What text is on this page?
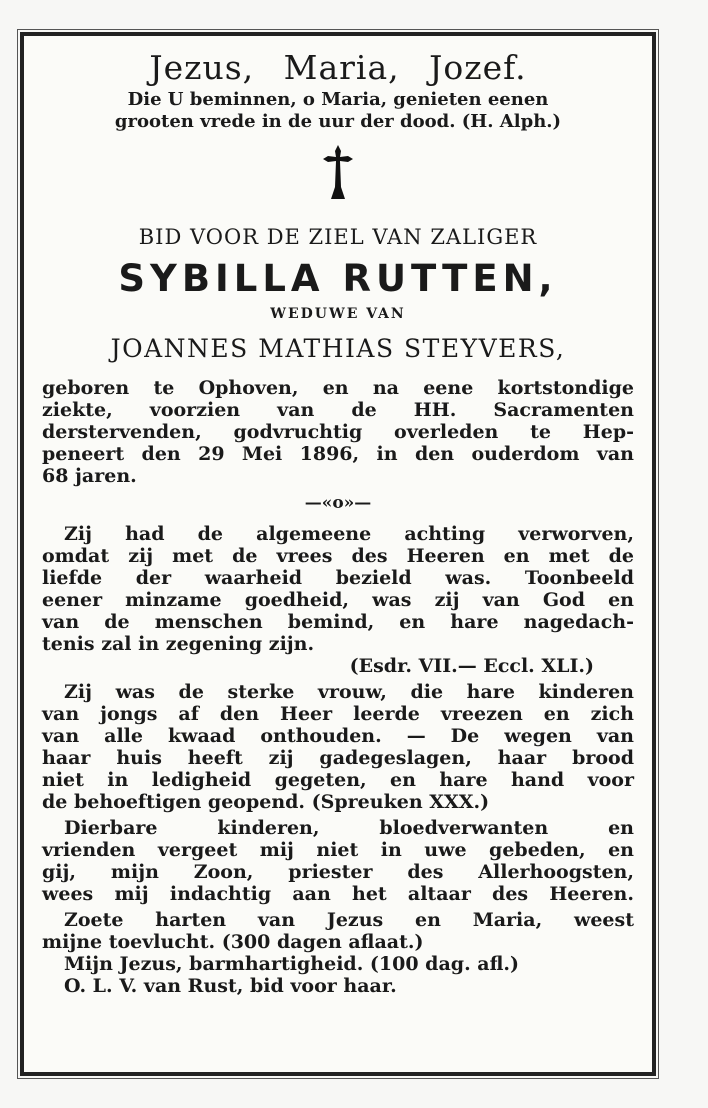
Jezus, Maria, Jozef.
Die U beminnen, o Maria, genieten eenen
grooten vrede in de uur der dood. (H. Alph.)
BID VOOR DE ZIEL VAN ZALIGER
SYBILLA RUTTEN,
WEDUWE VAN
JOANNES MATHIAS STEYVERS,
geboren te Ophoven, en na eene kortstondige
ziekte, voorzien van de HH. Sacramenten
derstervenden, godvruchtig overleden te Hep-
peneert den 29 Mei 1896, in den ouderdom van
68 jaren.
—«o»—
Zij had de algemeene achting verworven,
omdat zij met de vrees des Heeren en met de
liefde der waarheid bezield was. Toonbeeld
eener minzame goedheid, was zij van God en
van de menschen bemind, en hare nagedach-
tenis zal in zegening zijn.
(Esdr. VII.— Eccl. XLI.)
Zij was de sterke vrouw, die hare kinderen
van jongs af den Heer leerde vreezen en zich
van alle kwaad onthouden. — De wegen van
haar huis heeft zij gadegeslagen, haar brood
niet in ledigheid gegeten, en hare hand voor
de behoeftigen geopend. (Spreuken XXX.)
Dierbare kinderen, bloedverwanten en
vrienden vergeet mij niet in uwe gebeden, en
gij, mijn Zoon, priester des Allerhoogsten,
wees mij indachtig aan het altaar des Heeren.
Zoete harten van Jezus en Maria, weest
mijne toevlucht. (300 dagen aflaat.)
Mijn Jezus, barmhartigheid. (100 dag. afl.)
O. L. V. van Rust, bid voor haar.
